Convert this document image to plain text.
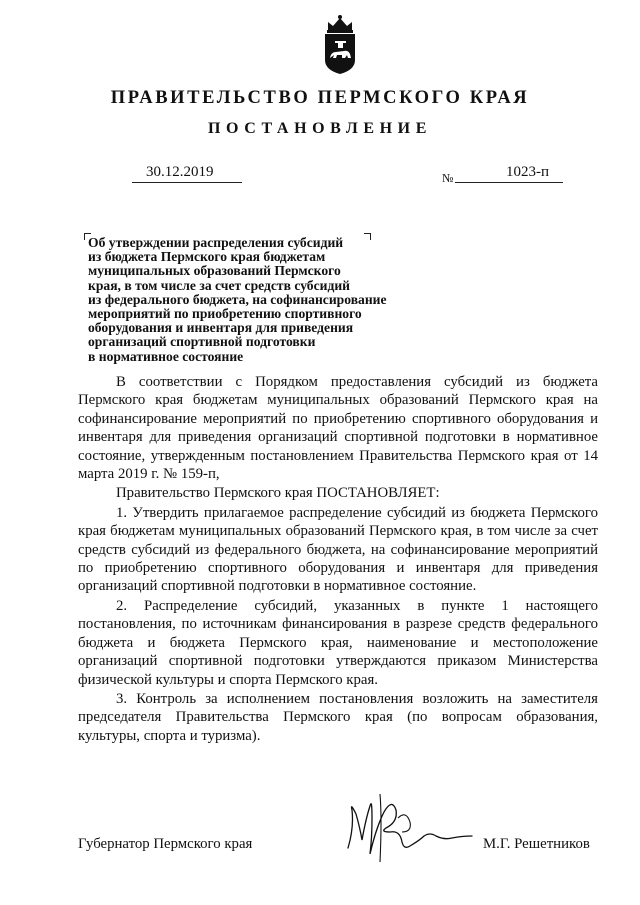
ПРАВИТЕЛЬСТВО ПЕРМСКОГО КРАЯ
ПОСТАНОВЛЕНИЕ
30.12.2019	№	1023-п
Об утверждении распределения субсидий
из бюджета Пермского края бюджетам
муниципальных образований Пермского
края, в том числе за счет средств субсидий
из федерального бюджета, на софинансирование
мероприятий по приобретению спортивного
оборудования и инвентаря для приведения
организаций спортивной подготовки
в нормативное состояние

В соответствии с Порядком предоставления субсидий из бюджета Пермского края бюджетам муниципальных образований Пермского края на софинансирование мероприятий по приобретению спортивного оборудования и инвентаря для приведения организаций спортивной подготовки в нормативное состояние, утвержденным постановлением Правительства Пермского края от 14 марта 2019 г. № 159-п,

Правительство Пермского края ПОСТАНОВЛЯЕТ:

1. Утвердить прилагаемое распределение субсидий из бюджета Пермского края бюджетам муниципальных образований Пермского края, в том числе за счет средств субсидий из федерального бюджета, на софинансирование мероприятий по приобретению спортивного оборудования и инвентаря для приведения организаций спортивной подготовки в нормативное состояние.

2. Распределение субсидий, указанных в пункте 1 настоящего постановления, по источникам финансирования в разрезе средств федерального бюджета и бюджета Пермского края, наименование и местоположение организаций спортивной подготовки утверждаются приказом Министерства физической культуры и спорта Пермского края.

3. Контроль за исполнением постановления возложить на заместителя председателя Правительства Пермского края (по вопросам образования, культуры, спорта и туризма).

Губернатор Пермского края	М.Г. Решетников
